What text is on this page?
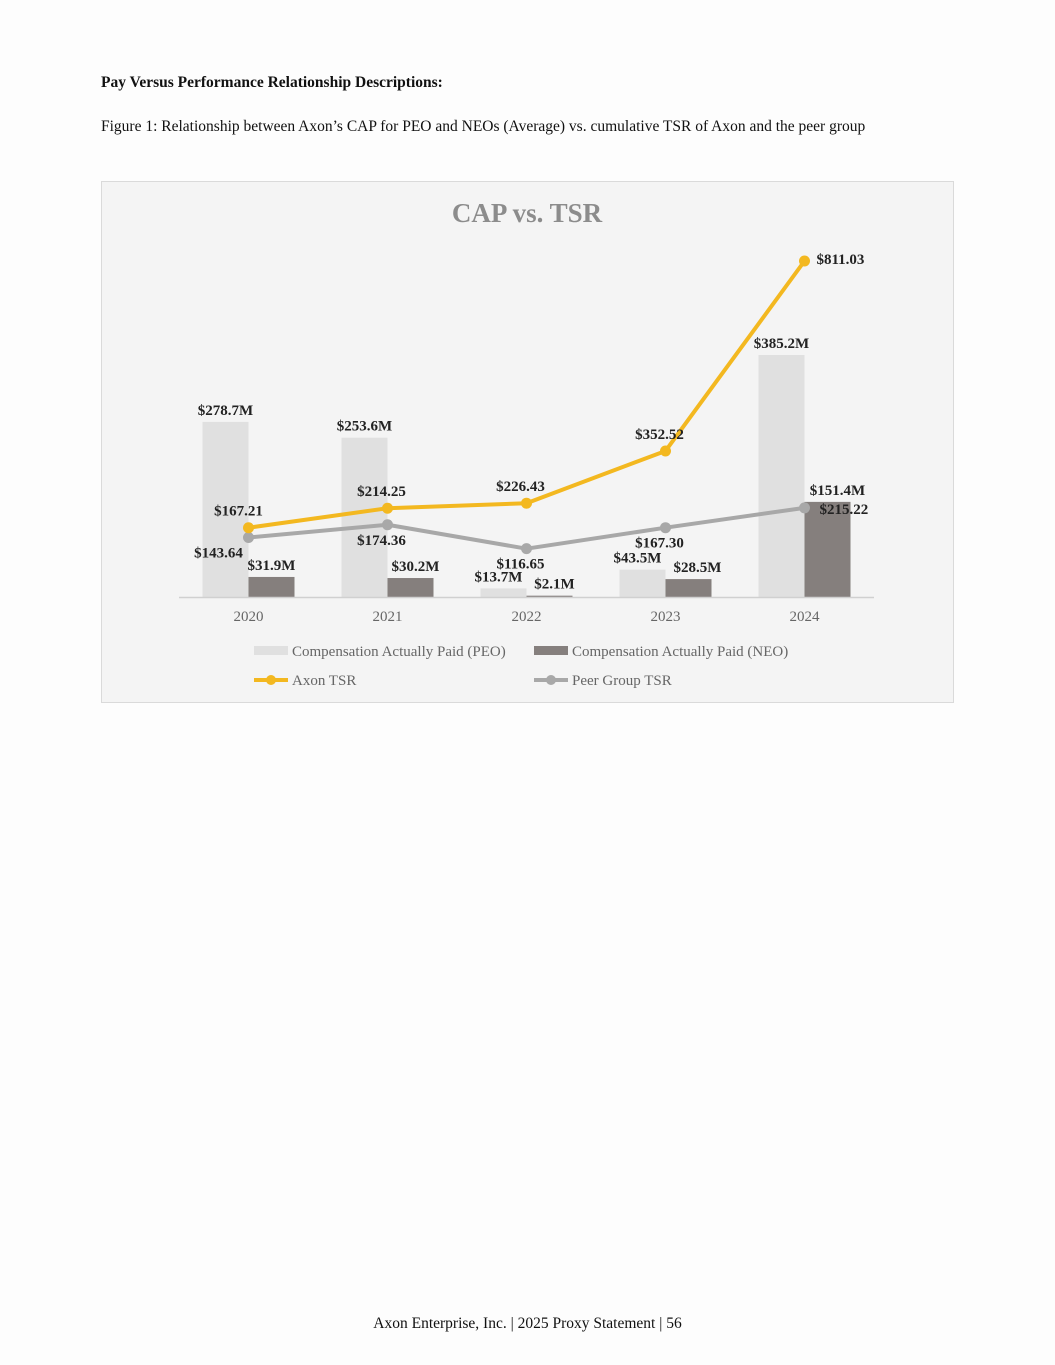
Pay Versus Performance Relationship Descriptions:

Figure 1: Relationship between Axon’s CAP for PEO and NEOs (Average) vs. cumulative TSR of Axon and the peer group

CAP vs. TSR
2020	2021	2022	2023	2024
$278.7M
$253.6M
$13.7M
$43.5M
$385.2M
$31.9M	$30.2M
$2.1M
$28.5M
$151.4M
$167.21
$214.25	$226.43
$352.52
$811.03
$143.64
$174.36
$116.65
$167.30
$215.22
Compensation Actually Paid (PEO)	Compensation Actually Paid (NEO)
Axon TSR	Peer Group TSR
Axon Enterprise, Inc. | 2025 Proxy Statement | 56
